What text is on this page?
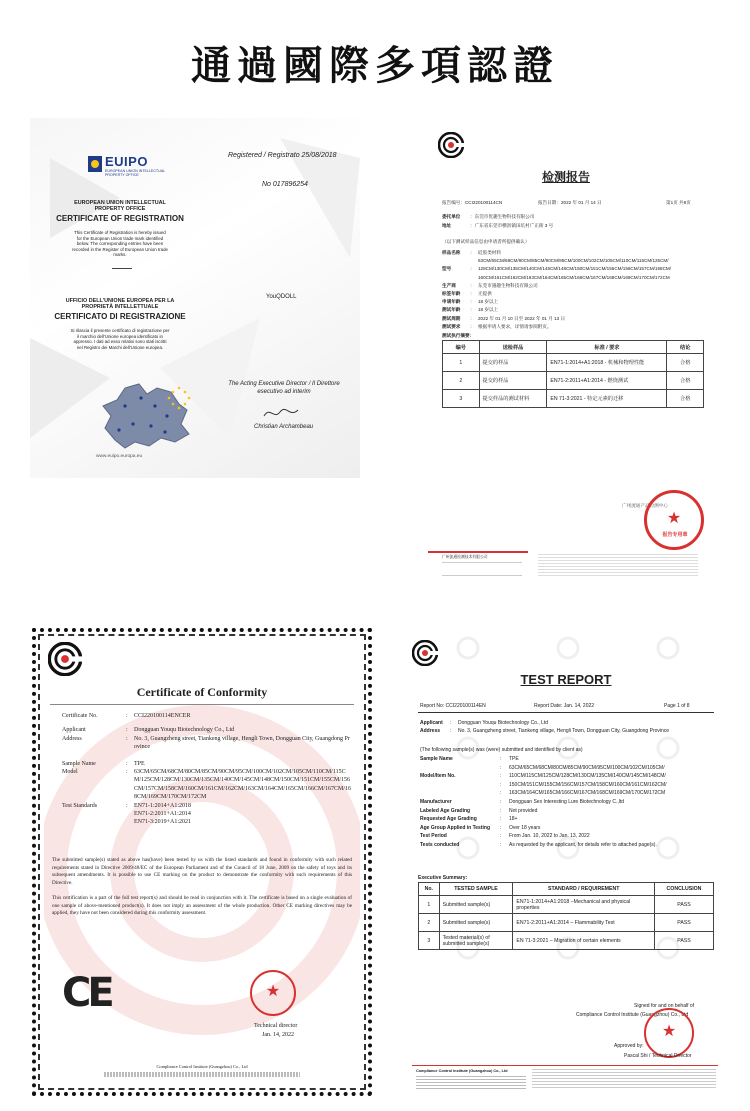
通過國際多項認證
EUIPO
EUROPEAN UNION INTELLECTUAL PROPERTY OFFICE
Registered / Registrato 25/08/2018
No 017896254
EUROPEAN UNION INTELLECTUAL PROPERTY OFFICE
CERTIFICATE OF REGISTRATION
This Certificate of Registration is hereby issued for the European Union trade mark identified below. The corresponding entries have been recorded in the Register of European Union trade marks.
YouQDOLL
UFFICIO DELL'UNIONE EUROPEA PER LA PROPRIETÀ INTELLETTUALE
CERTIFICATO DI REGISTRAZIONE
Si rilascia il presente certificato di registrazione per il marchio dell'Unione europea identificato in appresso. I dati ad esso relativi sono stati iscritti nel Registro dei Marchi dell'Unione europea.
The Acting Executive Director / Il Direttore
esecutivo ad interim
Christian Archambeau
www.euipo.europa.eu
检测报告
报告编号：CCI220100114CN	报告日期：2022 年 01 月 14 日	第1页 共8页
委托单位 ：东莞市优趣生物科技有限公司
地址	：广东省东莞市横沥镇田坑村广正街 3 号
（以下测试样品信息由申请者所提供确认）
样品名称 ： 硅胶类材料
63CM/65CM/68CM/80CM/85CM/90CM/95CM/100CM/102CM/105CM/110CM/115CM/125CM/
型号	： 128CM/130CM/135CM/140CM/145CM/148CM/150CM/151CM/155CM/156CM/157CM/158CM/
160CM/161CM/162CM/163CM/164CM/165CM/166CM/167CM/168CM/169CM/170CM/172CM
生产商	： 东莞市遇趣生物科技有限公司
标签年龄 ： 无提供
申请年龄 ： 18 岁以上
测试年龄 ： 18 岁以上
测试周期 ： 2022 年 01 月 10 日至 2022 年 01 月 13 日
测试要求 ： 根据申请人要求，详情请参阅附页。
测试执行摘要:
编号	送检样品	标准 / 要求	结论
1	提交的样品	EN71-1:2014+A1:2018 - 机械和物理性能	合格
2	提交的样品	EN71-2:2011+A1:2014 - 燃烧测试	合格
3	提交样品的测试材料	EN 71-3:2021 - 特定元素的迁移	合格
广州流通产品检测中心
★
报告专用章
广州流通检测技术有限公司
Certificate of Conformity
Certificate No.	:	CCI220100114ENCER
Applicant	:	Dongguan Youqu Biotechnology Co., Ltd
Address	:	No. 3, Guangzheng street, Tiankeng village, Hengli Town, Dongguan City, Guangdong Province
Sample Name	:	TPE
Model	:	63CM/65CM/68CM/80CM/85CM/90CM/95CM/100CM/102CM/105CM/110CM/115CM/125CM/128CM/130CM/135CM/140CM/145CM/148CM/150CM/151CM/155CM/156CM/157CM/158CM/160CM/161CM/162CM/163CM/164CM/165CM/166CM/167CM/168CM/169CM/170CM/172CM
Test Standards	:	EN71-1:2014+A1:2018
EN71-2:2011+A1:2014
EN71-3:2019+A1:2021
The submitted sample(s) stated as above has(have) been tested by us with the listed standards and found in conformity with such related requirements stated in Directive 2009/48/EC of the European Parliament and of the Council of 18 June, 2009 on the safety of toys and its subsequent amendments. It is possible to use CE marking on the product to demonstrate the conformity with such requirements of this Directive.
This certification is a part of the full test report(s) and should be read in conjunction with it. The certificate is based on a single evaluation of one sample of above-mentioned product(s). It does not imply an assessment of the whole production. Other CE marking directives may be applied, they have not been considered during this conformity assessment.
CE	★
Technical director
Jan. 14, 2022
Compliance Control Institute (Guangzhou) Co., Ltd
TEST REPORT
Report No: CCI220100114EN	Report Date: Jan. 14, 2022	Page 1 of 8
Applicant : Dongguan Youqu Biotechnology Co., Ltd
Address : No. 3, Guangzheng street, Tiankeng village, Hengli Town, Dongguan City, Guangdong Province
(The following sample(s) was (were) submitted and identified by client as)
Sample Name	: TPE
: 63CM/65CM/68CM/80CM/85CM/90CM/95CM/100CM/102CM/105CM/
Model/Item No.	: 110CM/115CM/125CM/128CM/130CM/135CM/140CM/145CM/148CM/
: 150CM/151CM/155CM/156CM/157CM/158CM/160CM/161CM/162CM/
: 163CM/164CM/165CM/166CM/167CM/168CM/169CM/170CM/172CM
Manufacturer	: Dongguan Sex Interesting Lure Biotechnology C.,ltd
Labeled Age Grading	: Not provided
Requested Age Grading	: 18+
Age Group Applied in Testing : Over 18 years
Test Period	: From Jan. 10, 2022 to Jan. 13, 2022
Tests conducted	: As requested by the applicant, for details refer to attached page(s).
Executive Summary:
No.	TESTED SAMPLE	STANDARD / REQUIREMENT	CONCLUSION
1	Submitted sample(s)	EN71-1:2014+A1:2018 –Mechanical and physical properties	PASS
2	Submitted sample(s)	EN71-2:2011+A1:2014 – Flammability Test	PASS
3	Tested material(s) of submitted sample(s)	EN 71-3:2021 – Migration of certain elements	PASS
Signed for and on behalf of
Compliance Control Institute (Guangzhou) Co., Ltd
★
Approved by:
Pascal Shi / Technical Director
Compliance Control Institute (Guangzhou) Co., Ltd
